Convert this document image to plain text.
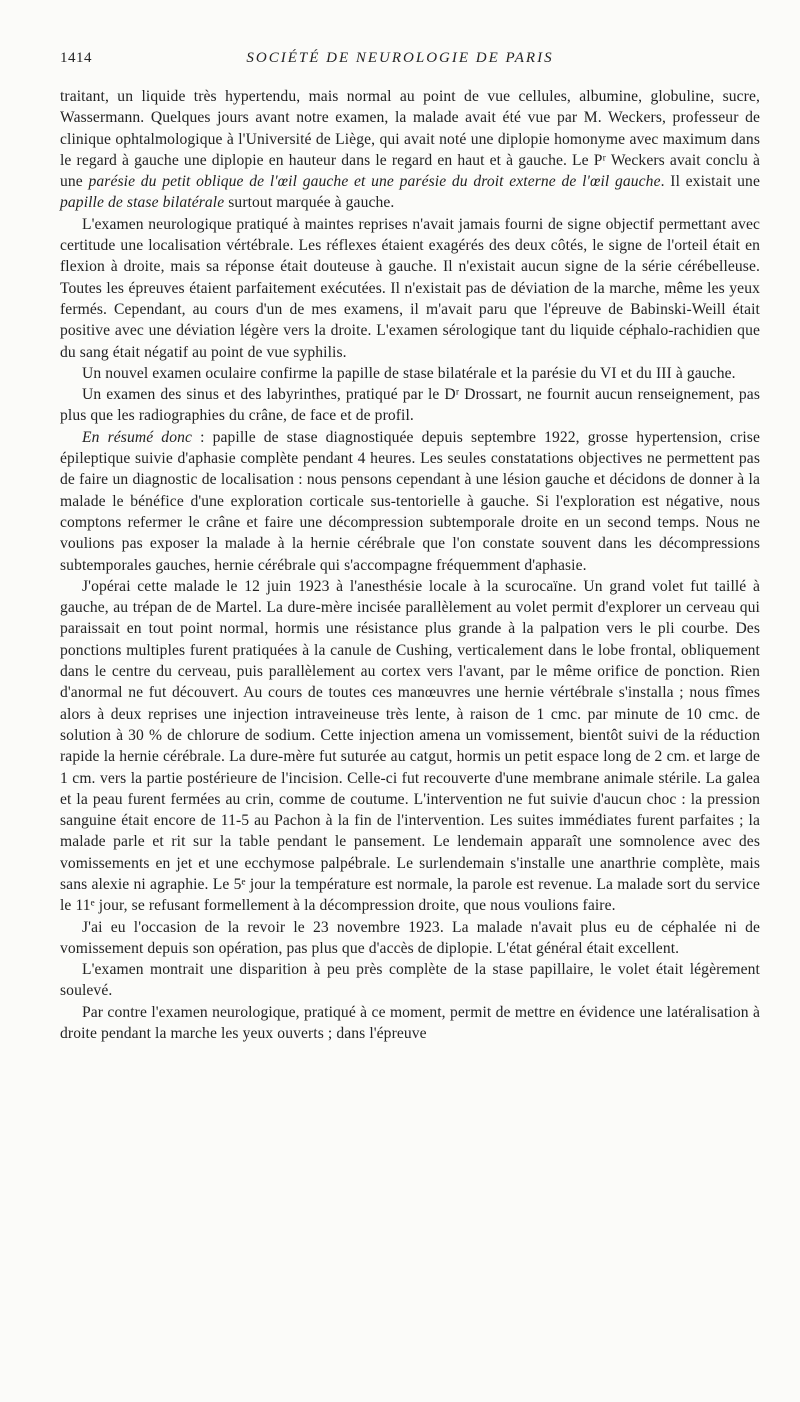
1414	SOCIÉTÉ DE NEUROLOGIE DE PARIS

traitant, un liquide très hypertendu, mais normal au point de vue cellules, albumine, globuline, sucre, Wassermann. Quelques jours avant notre examen, la malade avait été vue par M. Weckers, professeur de clinique ophtalmologique à l'Université de Liège, qui avait noté une diplopie homonyme avec maximum dans le regard à gauche une diplopie en hauteur dans le regard en haut et à gauche. Le Pʳ Weckers avait conclu à une parésie du petit oblique de l'œil gauche et une parésie du droit externe de l'œil gauche. Il existait une papille de stase bilatérale surtout marquée à gauche.

L'examen neurologique pratiqué à maintes reprises n'avait jamais fourni de signe objectif permettant avec certitude une localisation vértébrale. Les réflexes étaient exagérés des deux côtés, le signe de l'orteil était en flexion à droite, mais sa réponse était douteuse à gauche. Il n'existait aucun signe de la série cérébelleuse. Toutes les épreuves étaient parfaitement exécutées. Il n'existait pas de déviation de la marche, même les yeux fermés. Cependant, au cours d'un de mes examens, il m'avait paru que l'épreuve de Babinski-Weill était positive avec une déviation légère vers la droite. L'examen sérologique tant du liquide céphalo-rachidien que du sang était négatif au point de vue syphilis.

Un nouvel examen oculaire confirme la papille de stase bilatérale et la parésie du VI et du III à gauche.

Un examen des sinus et des labyrinthes, pratiqué par le Dʳ Drossart, ne fournit aucun renseignement, pas plus que les radiographies du crâne, de face et de profil.

En résumé donc : papille de stase diagnostiquée depuis septembre 1922, grosse hypertension, crise épileptique suivie d'aphasie complète pendant 4 heures. Les seules constatations objectives ne permettent pas de faire un diagnostic de localisation : nous pensons cependant à une lésion gauche et décidons de donner à la malade le bénéfice d'une exploration corticale sus-tentorielle à gauche. Si l'exploration est négative, nous comptons refermer le crâne et faire une décompression subtemporale droite en un second temps. Nous ne voulions pas exposer la malade à la hernie cérébrale que l'on constate souvent dans les décompressions subtemporales gauches, hernie cérébrale qui s'accompagne fréquemment d'aphasie.

J'opérai cette malade le 12 juin 1923 à l'anesthésie locale à la scurocaïne. Un grand volet fut taillé à gauche, au trépan de de Martel. La dure-mère incisée parallèlement au volet permit d'explorer un cerveau qui paraissait en tout point normal, hormis une résistance plus grande à la palpation vers le pli courbe. Des ponctions multiples furent pratiquées à la canule de Cushing, verticalement dans le lobe frontal, obliquement dans le centre du cerveau, puis parallèlement au cortex vers l'avant, par le même orifice de ponction. Rien d'anormal ne fut découvert. Au cours de toutes ces manœuvres une hernie vértébrale s'installa ; nous fîmes alors à deux reprises une injection intraveineuse très lente, à raison de 1 cmc. par minute de 10 cmc. de solution à 30 % de chlorure de sodium. Cette injection amena un vomissement, bientôt suivi de la réduction rapide la hernie cérébrale. La dure-mère fut suturée au catgut, hormis un petit espace long de 2 cm. et large de 1 cm. vers la partie postérieure de l'incision. Celle-ci fut recouverte d'une membrane animale stérile. La galea et la peau furent fermées au crin, comme de coutume. L'intervention ne fut suivie d'aucun choc : la pression sanguine était encore de 11-5 au Pachon à la fin de l'intervention. Les suites immédiates furent parfaites ; la malade parle et rit sur la table pendant le pansement. Le lendemain apparaît une somnolence avec des vomissements en jet et une ecchymose palpébrale. Le surlendemain s'installe une anarthrie complète, mais sans alexie ni agraphie. Le 5ᵉ jour la température est normale, la parole est revenue. La malade sort du service le 11ᵉ jour, se refusant formellement à la décompression droite, que nous voulions faire.

J'ai eu l'occasion de la revoir le 23 novembre 1923. La malade n'avait plus eu de céphalée ni de vomissement depuis son opération, pas plus que d'accès de diplopie. L'état général était excellent.

L'examen montrait une disparition à peu près complète de la stase papillaire, le volet était légèrement soulevé.

Par contre l'examen neurologique, pratiqué à ce moment, permit de mettre en évidence une latéralisation à droite pendant la marche les yeux ouverts ; dans l'épreuve
